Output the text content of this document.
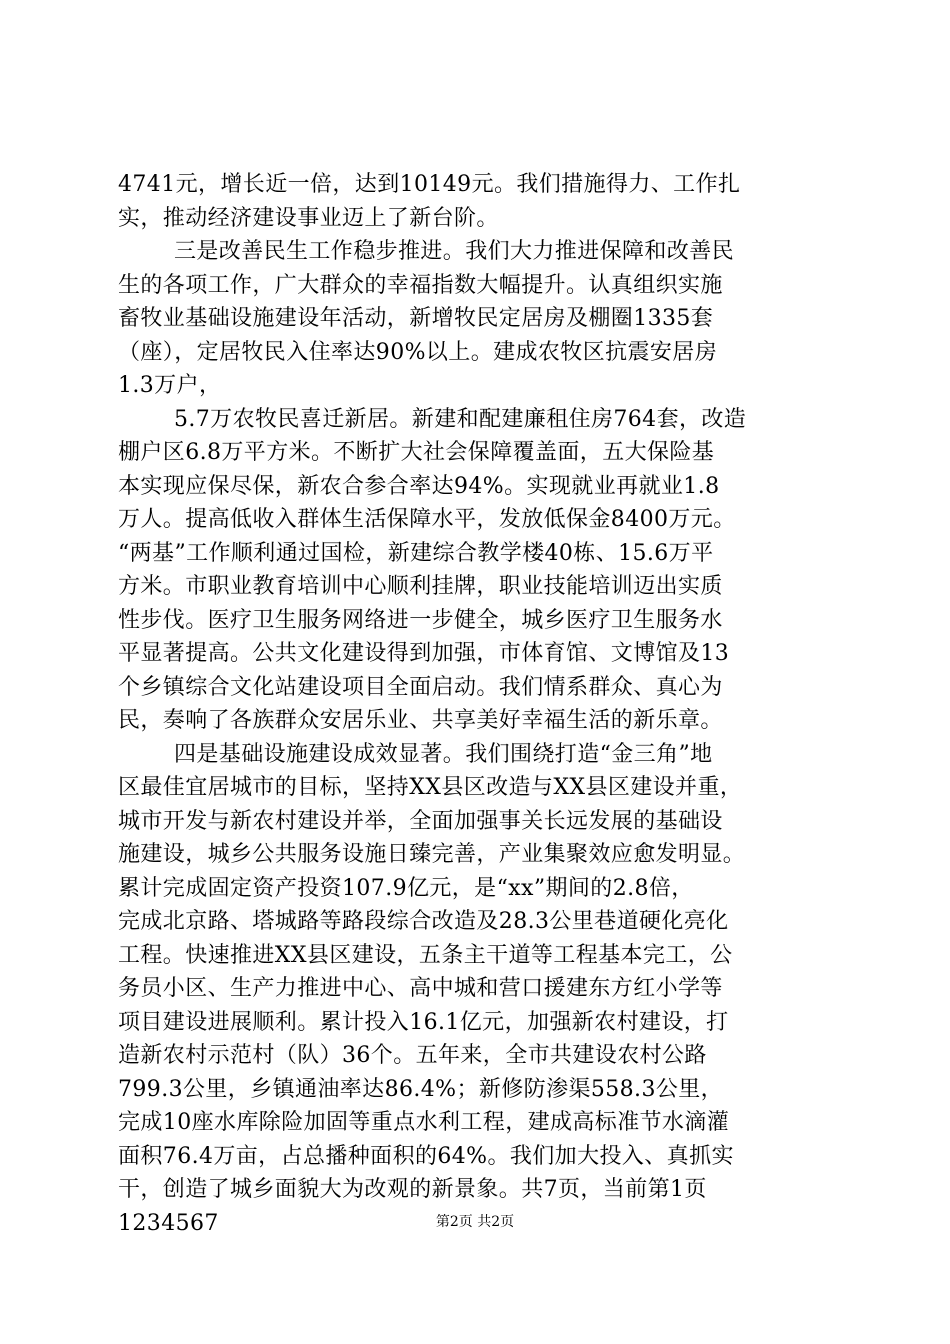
4741元，增长近一倍，达到10149元。我们措施得力、工作扎
实，推动经济建设事业迈上了新台阶。
三是改善民生工作稳步推进。我们大力推进保障和改善民
生的各项工作，广大群众的幸福指数大幅提升。认真组织实施
畜牧业基础设施建设年活动，新增牧民定居房及棚圈1335套
（座），定居牧民入住率达90%以上。建成农牧区抗震安居房
1.3万户，
5.7万农牧民喜迁新居。新建和配建廉租住房764套，改造
棚户区6.8万平方米。不断扩大社会保障覆盖面，五大保险基
本实现应保尽保，新农合参合率达94%。实现就业再就业1.8
万人。提高低收入群体生活保障水平，发放低保金8400万元。
“两基”工作顺利通过国检，新建综合教学楼40栋、15.6万平
方米。市职业教育培训中心顺利挂牌，职业技能培训迈出实质
性步伐。医疗卫生服务网络进一步健全，城乡医疗卫生服务水
平显著提高。公共文化建设得到加强，市体育馆、文博馆及13
个乡镇综合文化站建设项目全面启动。我们情系群众、真心为
民，奏响了各族群众安居乐业、共享美好幸福生活的新乐章。
四是基础设施建设成效显著。我们围绕打造“金三角”地
区最佳宜居城市的目标，坚持XX县区改造与XX县区建设并重，
城市开发与新农村建设并举，全面加强事关长远发展的基础设
施建设，城乡公共服务设施日臻完善，产业集聚效应愈发明显。
累计完成固定资产投资107.9亿元，是“xx”期间的2.8倍，
完成北京路、塔城路等路段综合改造及28.3公里巷道硬化亮化
工程。快速推进XX县区建设，五条主干道等工程基本完工，公
务员小区、生产力推进中心、高中城和营口援建东方红小学等
项目建设进展顺利。累计投入16.1亿元，加强新农村建设，打
造新农村示范村（队）36个。五年来，全市共建设农村公路
799.3公里，乡镇通油率达86.4%；新修防渗渠558.3公里，
完成10座水库除险加固等重点水利工程，建成高标准节水滴灌
面积76.4万亩，占总播种面积的64%。我们加大投入、真抓实
干，创造了城乡面貌大为改观的新景象。共7页，当前第1页
1234567	第2页 共2页
